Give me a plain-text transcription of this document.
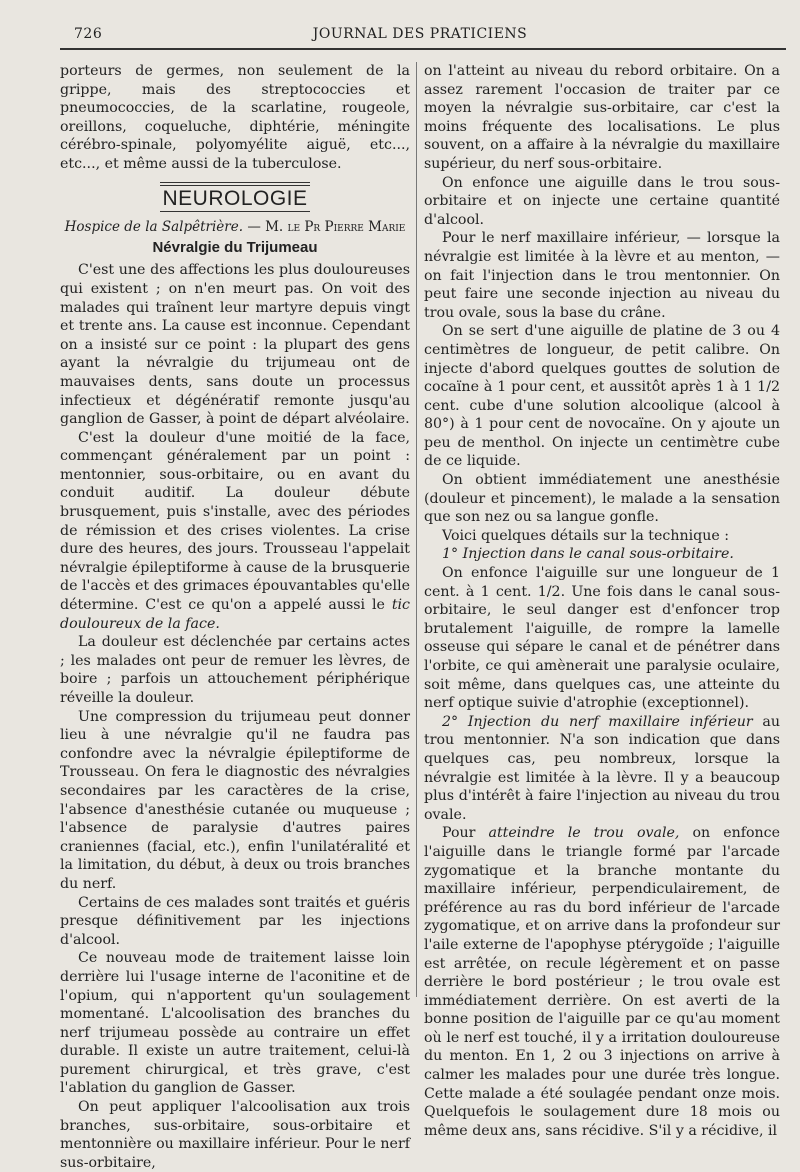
726	JOURNAL DES PRATICIENS

porteurs de germes, non seulement de la grippe, mais des streptococcies et pneumococcies, de la scarlatine, rougeole, oreillons, coqueluche, diphtérie, méningite cérébro-spinale, polyomyélite aiguë, etc..., etc..., et même aussi de la tuberculose.

NEUROLOGIE
Hospice de la Salpêtrière. — M. le Pr Pierre Marie
Névralgie du Trijumeau

C'est une des affections les plus douloureuses qui existent ; on n'en meurt pas. On voit des malades qui traînent leur martyre depuis vingt et trente ans. La cause est inconnue. Cependant on a insisté sur ce point : la plupart des gens ayant la névralgie du trijumeau ont de mauvaises dents, sans doute un processus infectieux et dégénératif remonte jusqu'au ganglion de Gasser, à point de départ alvéolaire.

C'est la douleur d'une moitié de la face, commençant généralement par un point : mentonnier, sous-orbitaire, ou en avant du conduit auditif. La douleur débute brusquement, puis s'installe, avec des périodes de rémission et des crises violentes. La crise dure des heures, des jours. Trousseau l'appelait névralgie épileptiforme à cause de la brusquerie de l'accès et des grimaces épouvantables qu'elle détermine. C'est ce qu'on a appelé aussi le tic douloureux de la face.

La douleur est déclenchée par certains actes ; les malades ont peur de remuer les lèvres, de boire ; parfois un attouchement périphérique réveille la douleur.

Une compression du trijumeau peut donner lieu à une névralgie qu'il ne faudra pas confondre avec la névralgie épileptiforme de Trousseau. On fera le diagnostic des névralgies secondaires par les caractères de la crise, l'absence d'anesthésie cutanée ou muqueuse ; l'absence de paralysie d'autres paires craniennes (facial, etc.), enfin l'unilatéralité et la limitation, du début, à deux ou trois branches du nerf.

Certains de ces malades sont traités et guéris presque définitivement par les injections d'alcool.

Ce nouveau mode de traitement laisse loin derrière lui l'usage interne de l'aconitine et de l'opium, qui n'apportent qu'un soulagement momentané. L'alcoolisation des branches du nerf trijumeau possède au contraire un effet durable. Il existe un autre traitement, celui-là purement chirurgical, et très grave, c'est l'ablation du ganglion de Gasser.

On peut appliquer l'alcoolisation aux trois branches, sus-orbitaire, sous-orbitaire et mentonnière ou maxillaire inférieur. Pour le nerf sus-orbitaire,

on l'atteint au niveau du rebord orbitaire. On a assez rarement l'occasion de traiter par ce moyen la névralgie sus-orbitaire, car c'est la moins fréquente des localisations. Le plus souvent, on a affaire à la névralgie du maxillaire supérieur, du nerf sous-orbitaire.

On enfonce une aiguille dans le trou sous-orbitaire et on injecte une certaine quantité d'alcool.

Pour le nerf maxillaire inférieur, — lorsque la névralgie est limitée à la lèvre et au menton, — on fait l'injection dans le trou mentonnier. On peut faire une seconde injection au niveau du trou ovale, sous la base du crâne.

On se sert d'une aiguille de platine de 3 ou 4 centimètres de longueur, de petit calibre. On injecte d'abord quelques gouttes de solution de cocaïne à 1 pour cent, et aussitôt après 1 à 1 1/2 cent. cube d'une solution alcoolique (alcool à 80°) à 1 pour cent de novocaïne. On y ajoute un peu de menthol. On injecte un centimètre cube de ce liquide.

On obtient immédiatement une anesthésie (douleur et pincement), le malade a la sensation que son nez ou sa langue gonfle.

Voici quelques détails sur la technique :

1° Injection dans le canal sous-orbitaire.

On enfonce l'aiguille sur une longueur de 1 cent. à 1 cent. 1/2. Une fois dans le canal sous-orbitaire, le seul danger est d'enfoncer trop brutalement l'aiguille, de rompre la lamelle osseuse qui sépare le canal et de pénétrer dans l'orbite, ce qui amènerait une paralysie oculaire, soit même, dans quelques cas, une atteinte du nerf optique suivie d'atrophie (exceptionnel).

2° Injection du nerf maxillaire inférieur au trou mentonnier. N'a son indication que dans quelques cas, peu nombreux, lorsque la névralgie est limitée à la lèvre. Il y a beaucoup plus d'intérêt à faire l'injection au niveau du trou ovale.

Pour atteindre le trou ovale, on enfonce l'aiguille dans le triangle formé par l'arcade zygomatique et la branche montante du maxillaire inférieur, perpendiculairement, de préférence au ras du bord inférieur de l'arcade zygomatique, et on arrive dans la profondeur sur l'aile externe de l'apophyse ptérygoïde ; l'aiguille est arrêtée, on recule légèrement et on passe derrière le bord postérieur ; le trou ovale est immédiatement derrière. On est averti de la bonne position de l'aiguille par ce qu'au moment où le nerf est touché, il y a irritation douloureuse du menton. En 1, 2 ou 3 injections on arrive à calmer les malades pour une durée très longue. Cette malade a été soulagée pendant onze mois. Quelquefois le soulagement dure 18 mois ou même deux ans, sans récidive. S'il y a récidive, il
